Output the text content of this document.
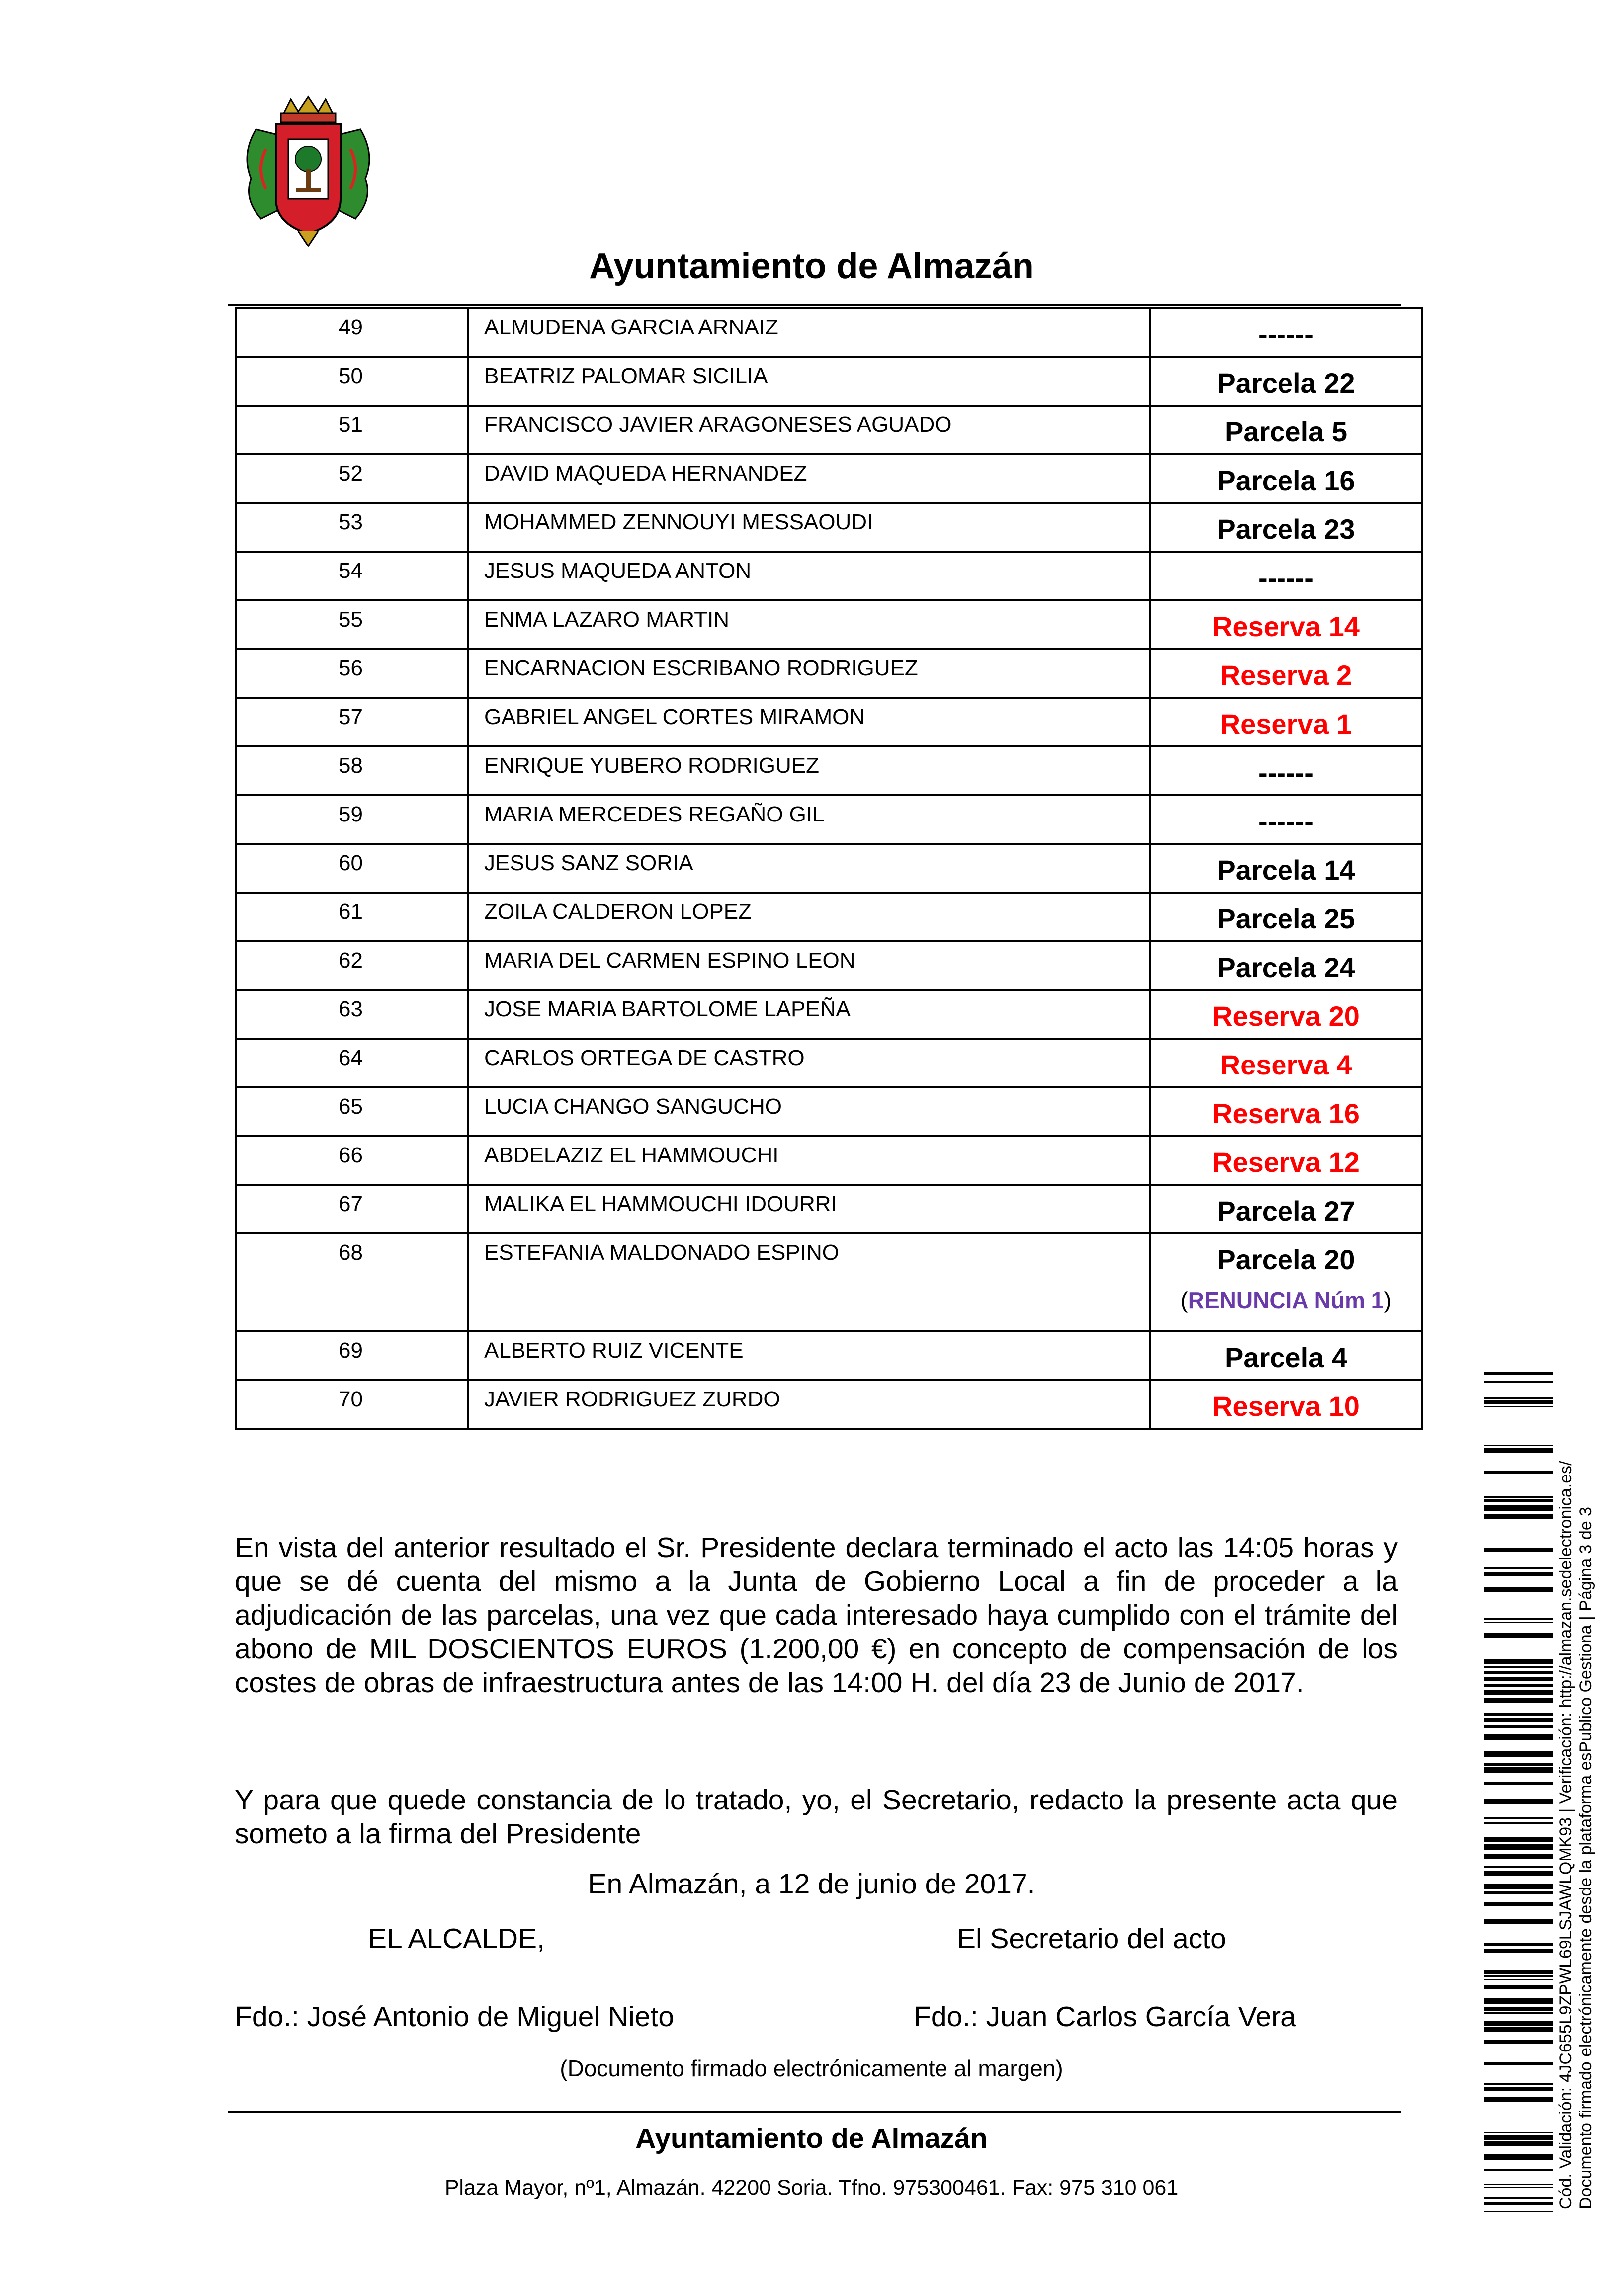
Ayuntamiento de Almazán
49	ALMUDENA GARCIA ARNAIZ	------
50	BEATRIZ PALOMAR SICILIA	Parcela 22
51	FRANCISCO JAVIER ARAGONESES AGUADO	Parcela 5
52	DAVID MAQUEDA HERNANDEZ	Parcela 16
53	MOHAMMED ZENNOUYI MESSAOUDI	Parcela 23
54	JESUS MAQUEDA ANTON	------
55	ENMA LAZARO MARTIN	Reserva 14
56	ENCARNACION ESCRIBANO RODRIGUEZ	Reserva 2
57	GABRIEL ANGEL CORTES MIRAMON	Reserva 1
58	ENRIQUE YUBERO RODRIGUEZ	------
59	MARIA MERCEDES REGAÑO GIL	------
60	JESUS SANZ SORIA	Parcela 14
61	ZOILA CALDERON LOPEZ	Parcela 25
62	MARIA DEL CARMEN ESPINO LEON	Parcela 24
63	JOSE MARIA BARTOLOME LAPEÑA	Reserva 20
64	CARLOS ORTEGA DE CASTRO	Reserva 4
65	LUCIA CHANGO SANGUCHO	Reserva 16
66	ABDELAZIZ EL HAMMOUCHI	Reserva 12
67	MALIKA EL HAMMOUCHI IDOURRI	Parcela 27
68	ESTEFANIA MALDONADO ESPINO	Parcela 20
(RENUNCIA Núm 1)

69	ALBERTO RUIZ VICENTE	Parcela 4
70	JAVIER RODRIGUEZ ZURDO	Reserva 10
En vista del anterior resultado el Sr. Presidente declara terminado el acto las 14:05 horas y que se dé cuenta del mismo a la Junta de Gobierno Local a fin de proceder a la adjudicación de las parcelas, una vez que cada interesado haya cumplido con el trámite del abono de MIL DOSCIENTOS EUROS (1.200,00 €) en concepto de compensación de los costes de obras de infraestructura antes de las 14:00 H. del día 23 de Junio de 2017.
Y para que quede constancia de lo tratado, yo, el Secretario, redacto la presente acta que someto a la firma del Presidente
En Almazán, a 12 de junio de 2017.
EL ALCALDE,	El Secretario del acto
Fdo.: José Antonio de Miguel Nieto	Fdo.: Juan Carlos García Vera
(Documento firmado electrónicamente al margen)
Ayuntamiento de Almazán
Plaza Mayor, nº1, Almazán. 42200 Soria. Tfno. 975300461. Fax: 975 310 061	Cód. Validación: 4JC655L9ZPWL69LSJAWLQMK93 | Verificación: http://almazan.sedelectronica.es/ Documento firmado electrónicamente desde la plataforma esPublico Gestiona | Página 3 de 3
